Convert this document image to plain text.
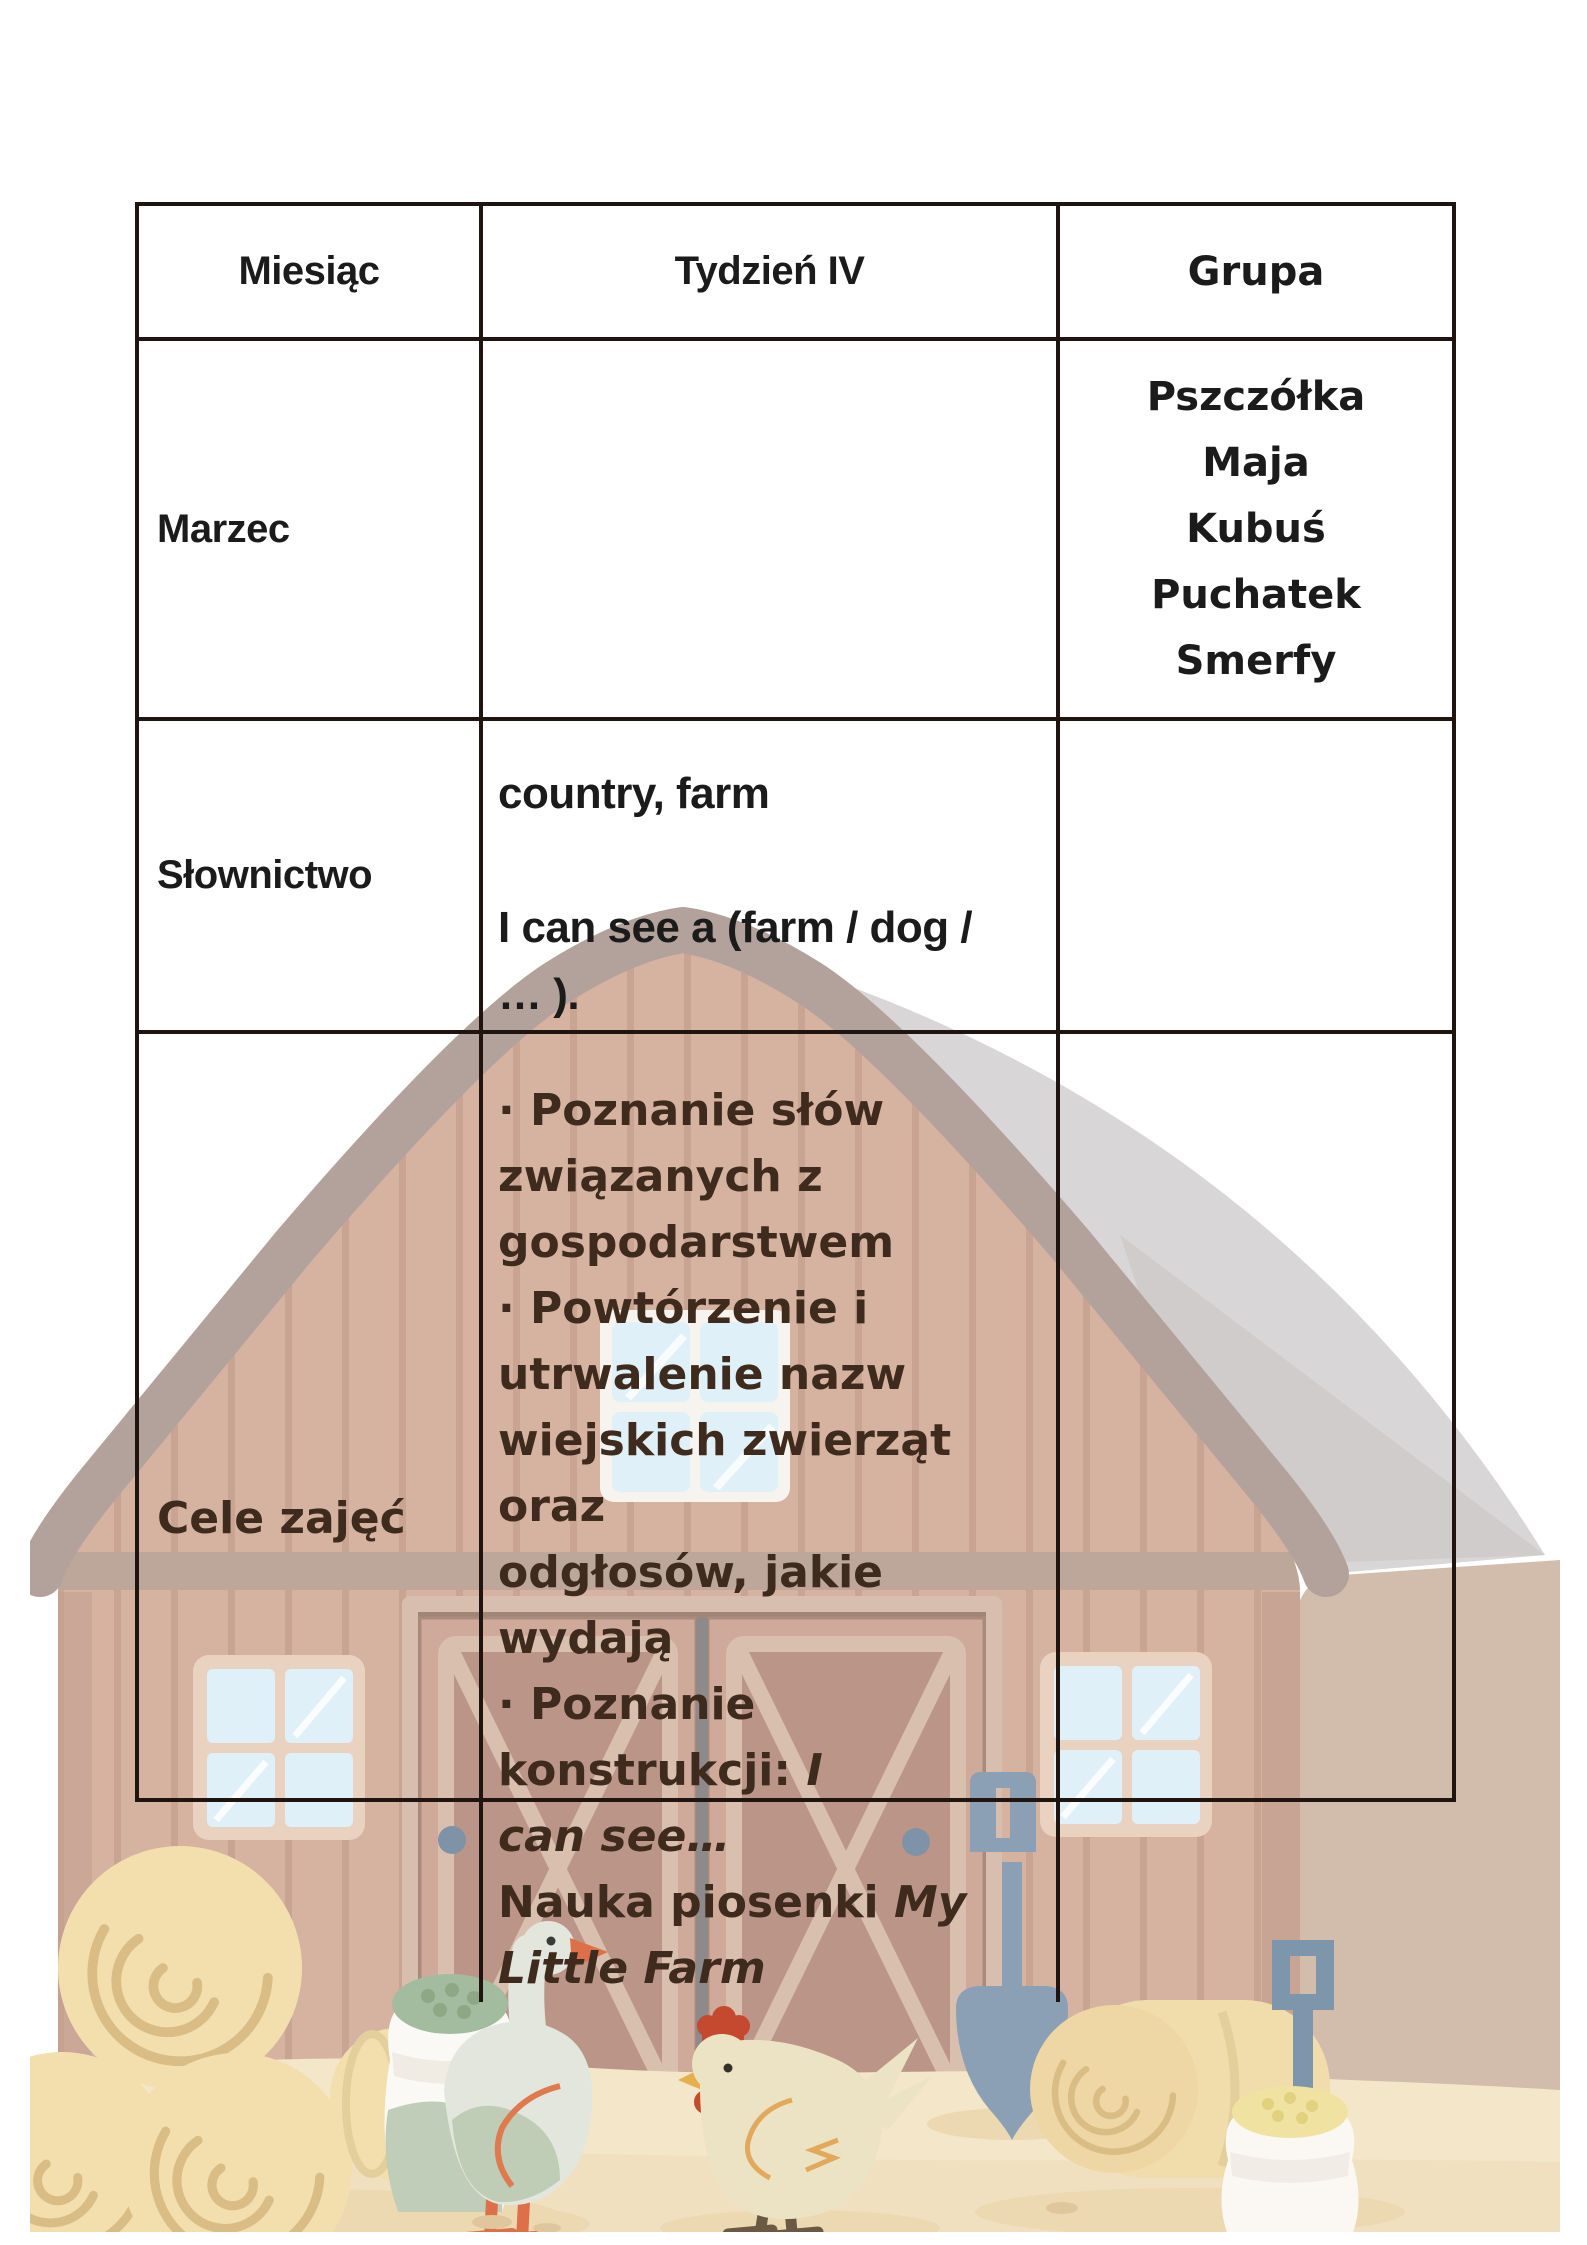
Miesiąc	Tydzień IV	Grupa
Marzec
Pszczółka
Maja
Kubuś
Puchatek
Smerfy
Słownictwo
country, farm

I can see a (farm / dog /
… ).
Cele zajęć
· Poznanie słów
związanych z
gospodarstwem
· Powtórzenie i
utrwalenie nazw
wiejskich zwierząt oraz
odgłosów, jakie wydają
· Poznanie konstrukcji: I
can see…
Nauka piosenki My
Little Farm
